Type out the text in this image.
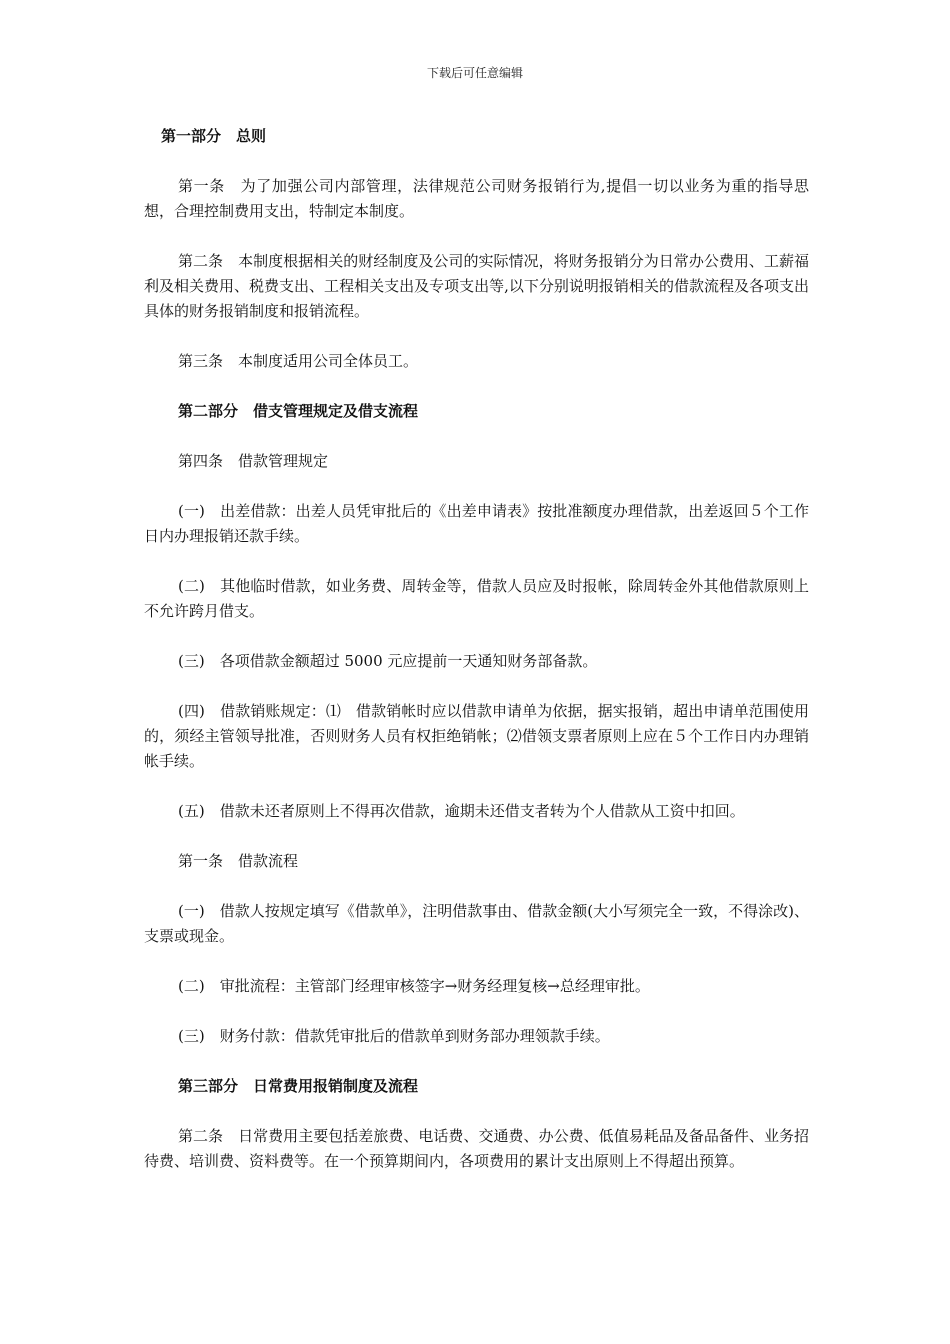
下载后可任意编辑
第一部分　总则
第一条　为了加强公司内部管理，法律规范公司财务报销行为,提倡一切以业务为重的指导思想，合理控制费用支出，特制定本制度。
第二条　本制度根据相关的财经制度及公司的实际情况，将财务报销分为日常办公费用、工薪福利及相关费用、税费支出、工程相关支出及专项支出等,以下分别说明报销相关的借款流程及各项支出具体的财务报销制度和报销流程。
第三条　本制度适用公司全体员工。
第二部分　借支管理规定及借支流程
第四条　借款管理规定
(一)　出差借款：出差人员凭审批后的《出差申请表》按批准额度办理借款，出差返回５个工作日内办理报销还款手续。
(二)　其他临时借款，如业务费、周转金等，借款人员应及时报帐，除周转金外其他借款原则上不允许跨月借支。
(三)　各项借款金额超过 5000 元应提前一天通知财务部备款。
(四)　借款销账规定：⑴　借款销帐时应以借款申请单为依据，据实报销，超出申请单范围使用的，须经主管领导批准，否则财务人员有权拒绝销帐；⑵借领支票者原则上应在５个工作日内办理销帐手续。
(五)　借款未还者原则上不得再次借款，逾期未还借支者转为个人借款从工资中扣回。
第一条　借款流程
(一)　借款人按规定填写《借款单》，注明借款事由、借款金额(大小写须完全一致，不得涂改)、支票或现金。
(二)　审批流程：主管部门经理审核签字→财务经理复核→总经理审批。
(三)　财务付款：借款凭审批后的借款单到财务部办理领款手续。
第三部分　日常费用报销制度及流程
第二条　日常费用主要包括差旅费、电话费、交通费、办公费、低值易耗品及备品备件、业务招待费、培训费、资料费等。在一个预算期间内，各项费用的累计支出原则上不得超出预算。
